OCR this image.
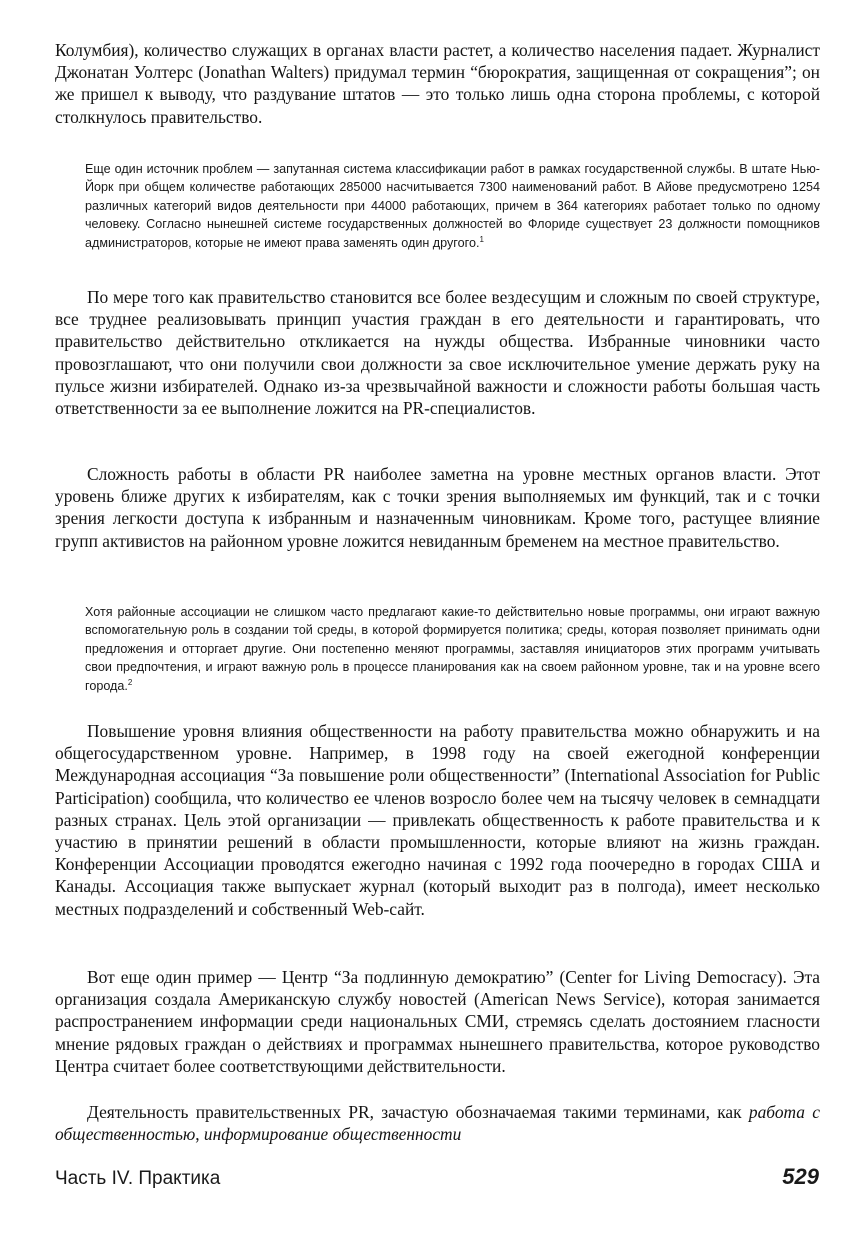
Колумбия), количество служащих в органах власти растет, а количество населения падает. Журналист Джонатан Уолтерс (Jonathan Walters) придумал термин “бюрократия, защищенная от сокращения”; он же пришел к выводу, что раздувание штатов — это только лишь одна сторона проблемы, с которой столкнулось правительство.

Еще один источник проблем — запутанная система классификации работ в рамках государственной службы. В штате Нью-Йорк при общем количестве работающих 285000 насчитывается 7300 наименований работ. В Айове предусмотрено 1254 различных категорий видов деятельности при 44000 работающих, причем в 364 категориях работает только по одному человеку. Согласно нынешней системе государственных должностей во Флориде существует 23 должности помощников администраторов, которые не имеют права заменять один другого.$^1$

По мере того как правительство становится все более вездесущим и сложным по своей структуре, все труднее реализовывать принцип участия граждан в его деятельности и гарантировать, что правительство действительно откликается на нужды общества. Избранные чиновники часто провозглашают, что они получили свои должности за свое исключительное умение держать руку на пульсе жизни избирателей. Однако из-за чрезвычайной важности и сложности работы большая часть ответственности за ее выполнение ложится на PR-специалистов.

Сложность работы в области PR наиболее заметна на уровне местных органов власти. Этот уровень ближе других к избирателям, как с точки зрения выполняемых им функций, так и с точки зрения легкости доступа к избранным и назначенным чиновникам. Кроме того, растущее влияние групп активистов на районном уровне ложится невиданным бременем на местное правительство.

Хотя районные ассоциации не слишком часто предлагают какие-то действительно новые программы, они играют важную вспомогательную роль в создании той среды, в которой формируется политика; среды, которая позволяет принимать одни предложения и отторгает другие. Они постепенно меняют программы, заставляя инициаторов этих программ учитывать свои предпочтения, и играют важную роль в процессе планирования как на своем районном уровне, так и на уровне всего города.$^2$

Повышение уровня влияния общественности на работу правительства можно обнаружить и на общегосударственном уровне. Например, в 1998 году на своей ежегодной конференции Международная ассоциация “За повышение роли общественности” (International Association for Public Participation) сообщила, что количество ее членов возросло более чем на тысячу человек в семнадцати разных странах. Цель этой организации — привлекать общественность к работе правительства и к участию в принятии решений в области промышленности, которые влияют на жизнь граждан. Конференции Ассоциации проводятся ежегодно начиная с 1992 года поочередно в городах США и Канады. Ассоциация также выпускает журнал (который выходит раз в полгода), имеет несколько местных подразделений и собственный Web-сайт.

Вот еще один пример — Центр “За подлинную демократию” (Center for Living Democracy). Эта организация создала Американскую службу новостей (American News Service), которая занимается распространением информации среди национальных СМИ, стремясь сделать достоянием гласности мнение рядовых граждан о действиях и программах нынешнего правительства, которое руководство Центра считает более соответствующими действительности.

Деятельность правительственных PR, зачастую обозначаемая такими терминами, как работа с общественностью, информирование общественности

Часть IV. Практика	529
